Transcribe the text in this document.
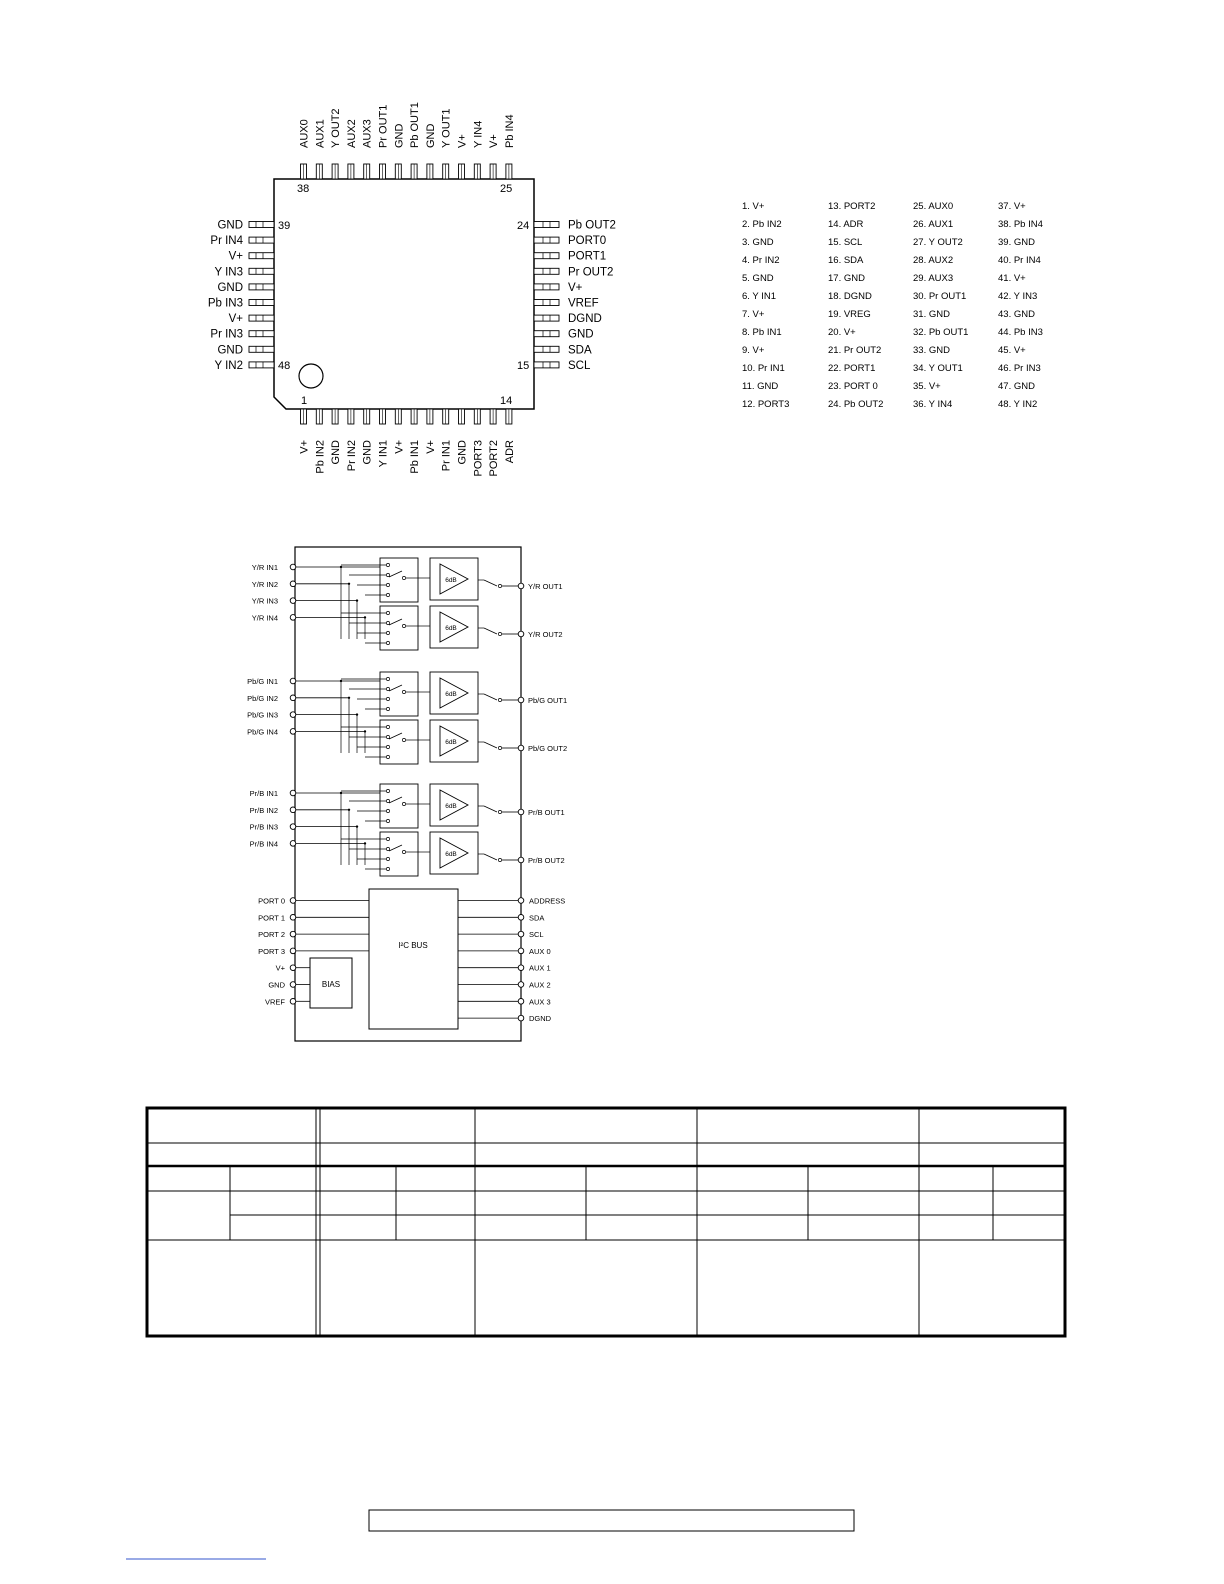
AUX0 AUX1 Y OUT2 AUX2 AUX3 Pr OUT1 GND Pb OUT1 GND Y OUT1 V+ Y IN4 V+ Pb IN4
V+ Pb IN2 GND Pr IN2 GND Y IN1 V+ Pb IN1 V+ Pr IN1 GND PORT3 PORT2 ADR
GND
Pr IN4
V+
Y IN3
GND
Pb IN3
V+
Pr IN3
GND
Y IN2
Pb OUT2
PORT0
PORT1
Pr OUT2
V+
VREF
DGND
GND
SDA
SCL
38	25
39
48
24
15
1	14
1. V+	13. PORT2	25. AUX0	37. V+
2. Pb IN2	14. ADR	26. AUX1	38. Pb IN4
3. GND	15. SCL	27. Y OUT2	39. GND
4. Pr IN2	16. SDA	28. AUX2	40. Pr IN4
5. GND	17. GND	29. AUX3	41. V+
6. Y IN1	18. DGND	30. Pr OUT1	42. Y IN3
7. V+	19. VREG	31. GND	43. GND
8. Pb IN1	20. V+	32. Pb OUT1	44. Pb IN3
9. V+	21. Pr OUT2	33. GND	45. V+
10. Pr IN1	22. PORT1	34. Y OUT1	46. Pr IN3
11. GND	23. PORT 0	35. V+	47. GND
12. PORT3	24. Pb OUT2	36. Y IN4	48. Y IN2
Y/R IN1
Y/R IN2
Y/R IN3
Y/R IN4
6dB
Y/R OUT1
6dB
Y/R OUT2
Pb/G IN1
Pb/G IN2
Pb/G IN3
Pb/G IN4
6dB
Pb/G OUT1
6dB
Pb/G OUT2
Pr/B IN1
Pr/B IN2
Pr/B IN3
Pr/B IN4
6dB
Pr/B OUT1
6dB
Pr/B OUT2
I²C BUS
BIAS
PORT 0
PORT 1
PORT 2
PORT 3
V+
GND
VREF
ADDRESS
SDA
SCL
AUX 0
AUX 1
AUX 2
AUX 3
DGND
